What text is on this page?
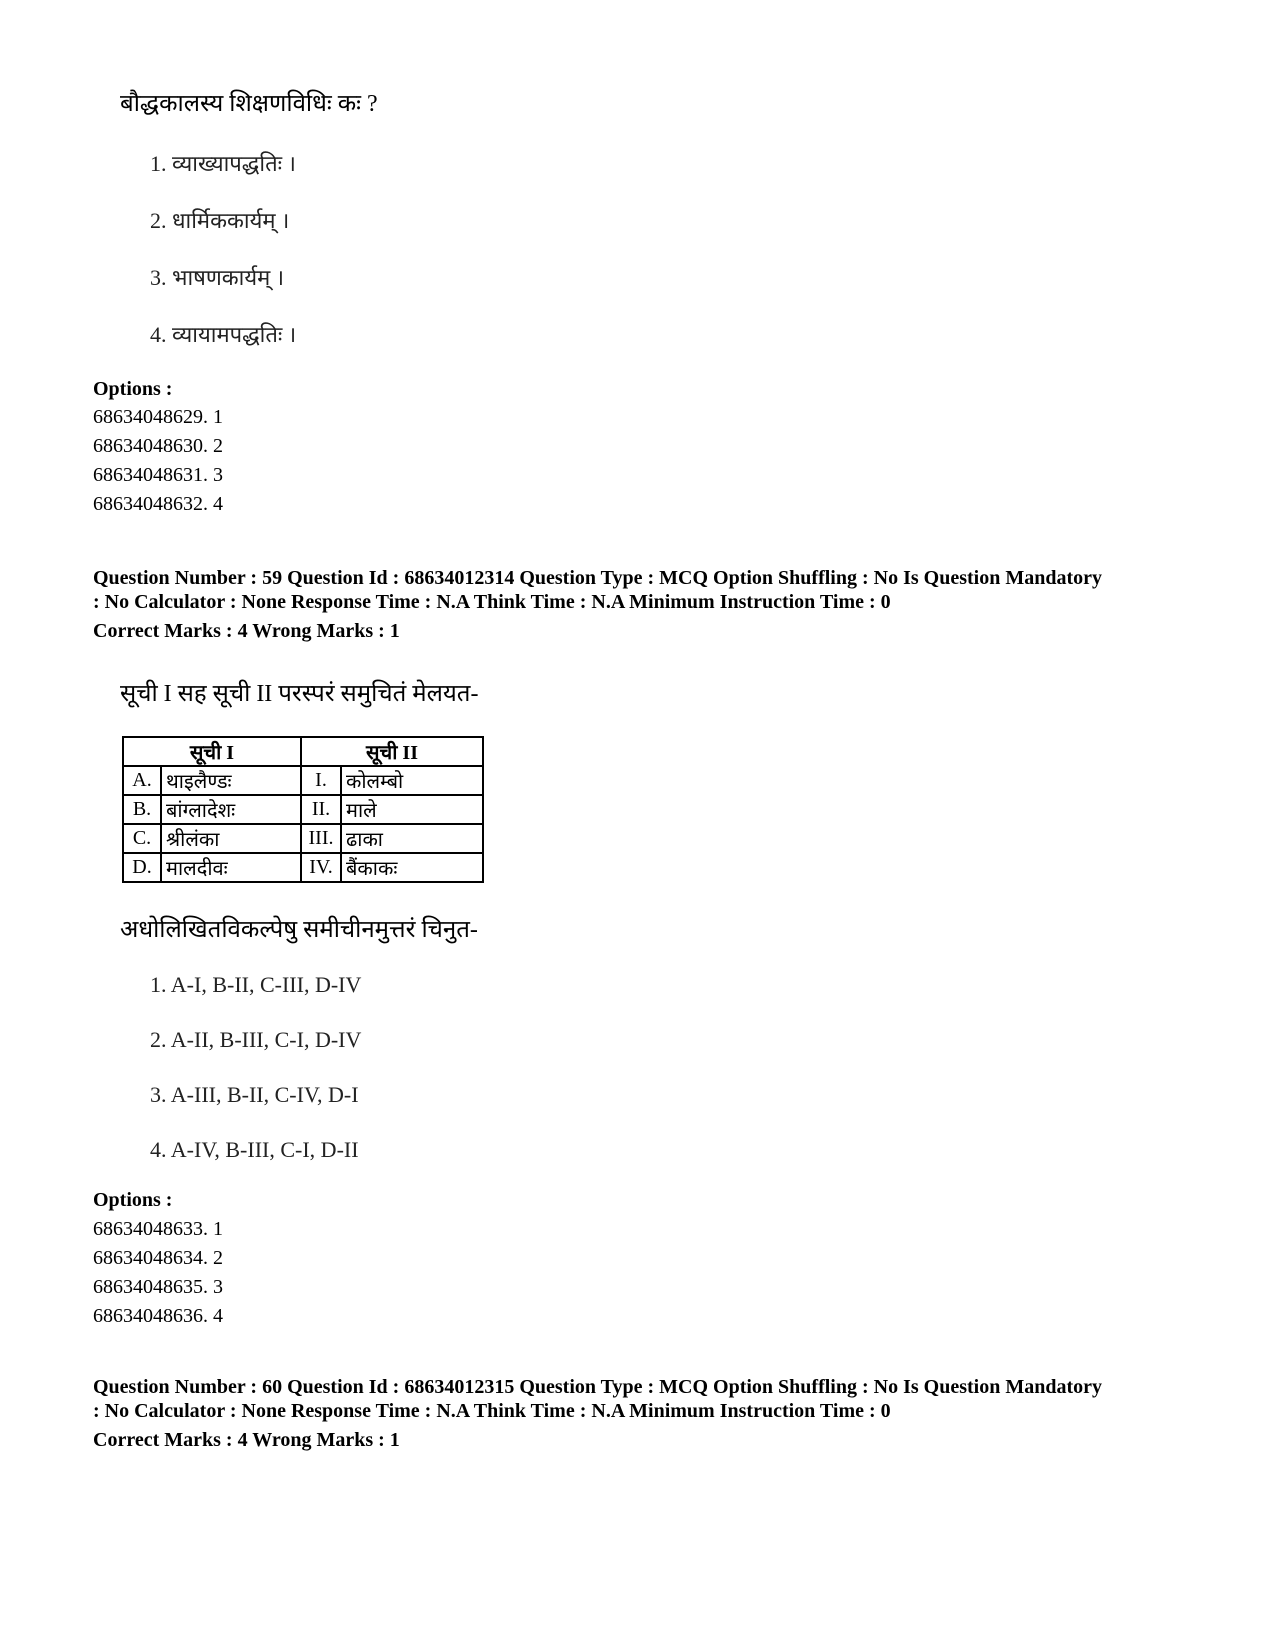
बौद्धकालस्य शिक्षणविधिः कः ?
1. व्याख्यापद्धतिः ।
2. धार्मिककार्यम् ।
3. भाषणकार्यम् ।
4. व्यायामपद्धतिः ।
Options :
68634048629. 1
68634048630. 2
68634048631. 3
68634048632. 4
Question Number : 59 Question Id : 68634012314 Question Type : MCQ Option Shuffling : No Is Question Mandatory
: No Calculator : None Response Time : N.A Think Time : N.A Minimum Instruction Time : 0
Correct Marks : 4 Wrong Marks : 1
सूची I सह सूची II परस्परं समुचितं मेलयत-
सूची I		सूची II	
A.	थाइलैण्डः	I.	कोलम्बो
B.	बांग्लादेशः	II.	माले
C.	श्रीलंका	III.	ढाका
D.	मालदीवः	IV.	बैंकाकः
अधोलिखितविकल्पेषु समीचीनमुत्तरं चिनुत-
1. A-I, B-II, C-III, D-IV
2. A-II, B-III, C-I, D-IV
3. A-III, B-II, C-IV, D-I
4. A-IV, B-III, C-I, D-II
Options :
68634048633. 1
68634048634. 2
68634048635. 3
68634048636. 4
Question Number : 60 Question Id : 68634012315 Question Type : MCQ Option Shuffling : No Is Question Mandatory
: No Calculator : None Response Time : N.A Think Time : N.A Minimum Instruction Time : 0
Correct Marks : 4 Wrong Marks : 1
